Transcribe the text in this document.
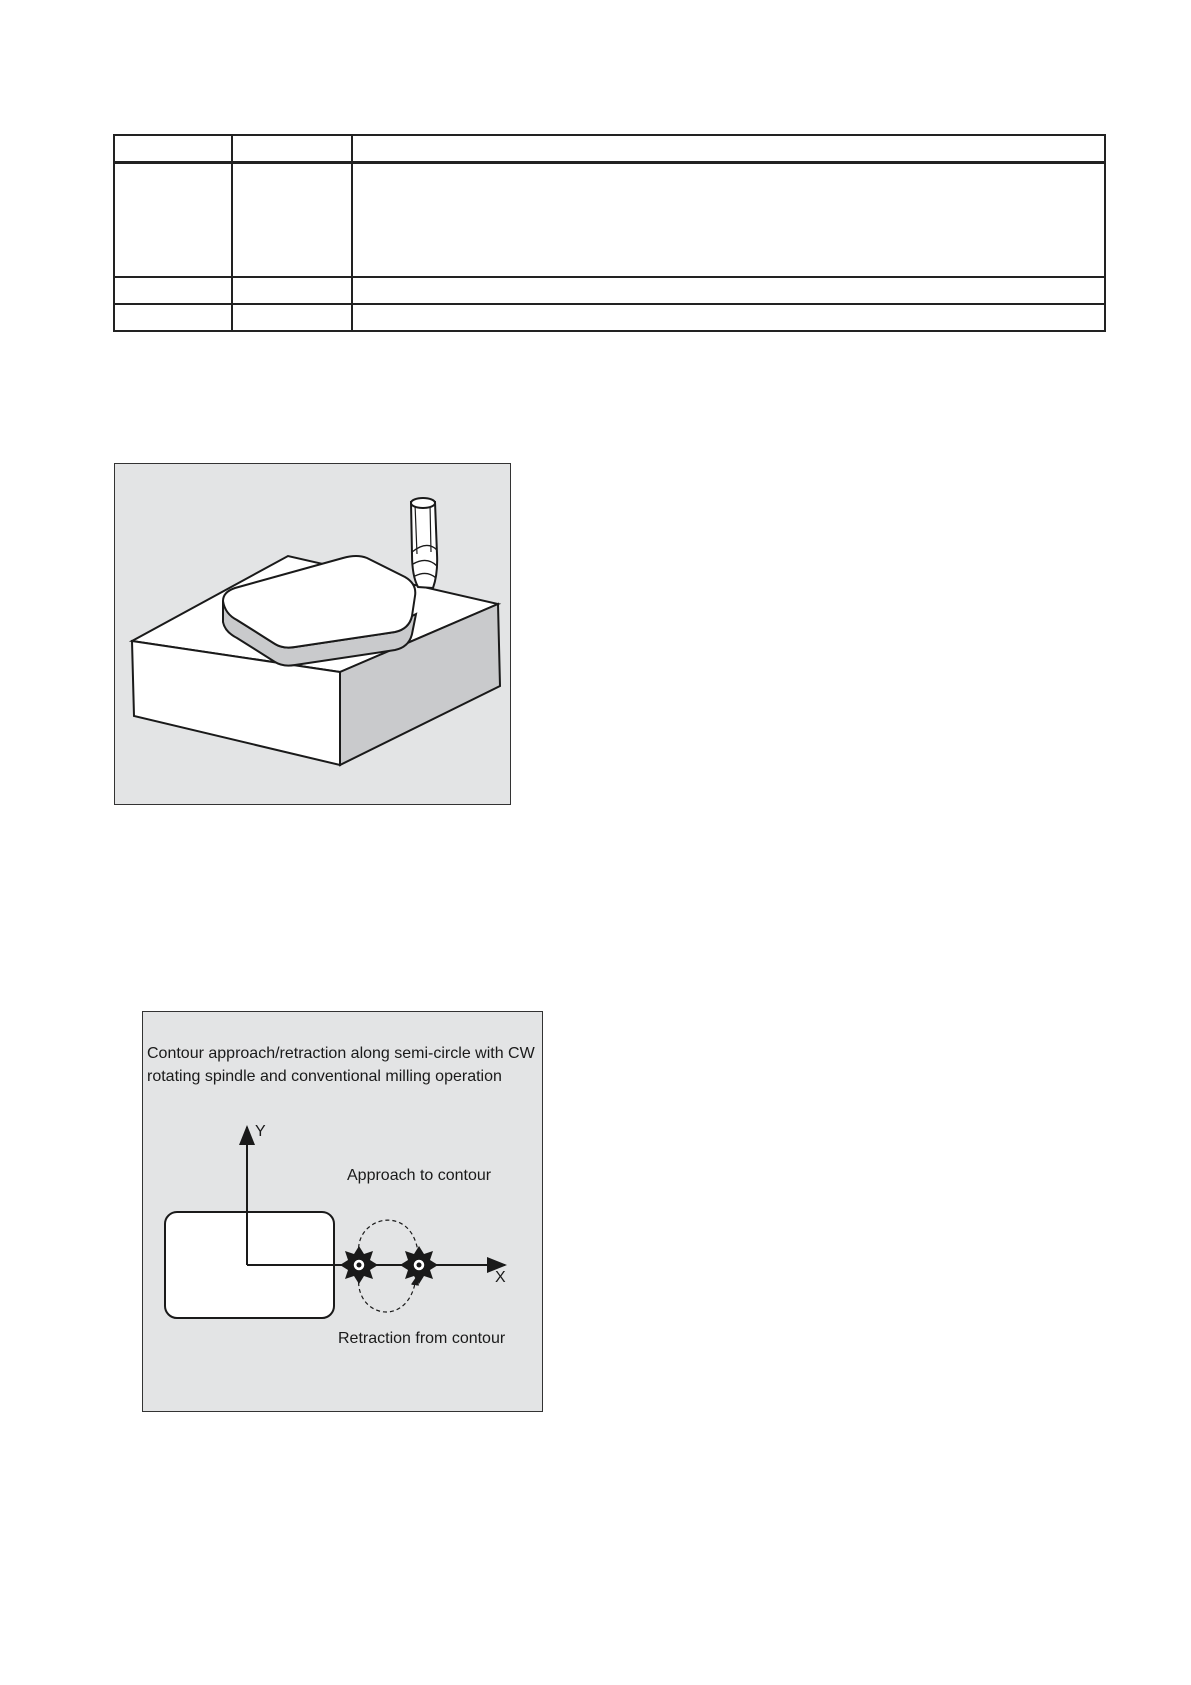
Contour approach/retraction along semi-circle with CW
rotating spindle and conventional milling operation
Y
X
Approach to contour
Retraction from contour
